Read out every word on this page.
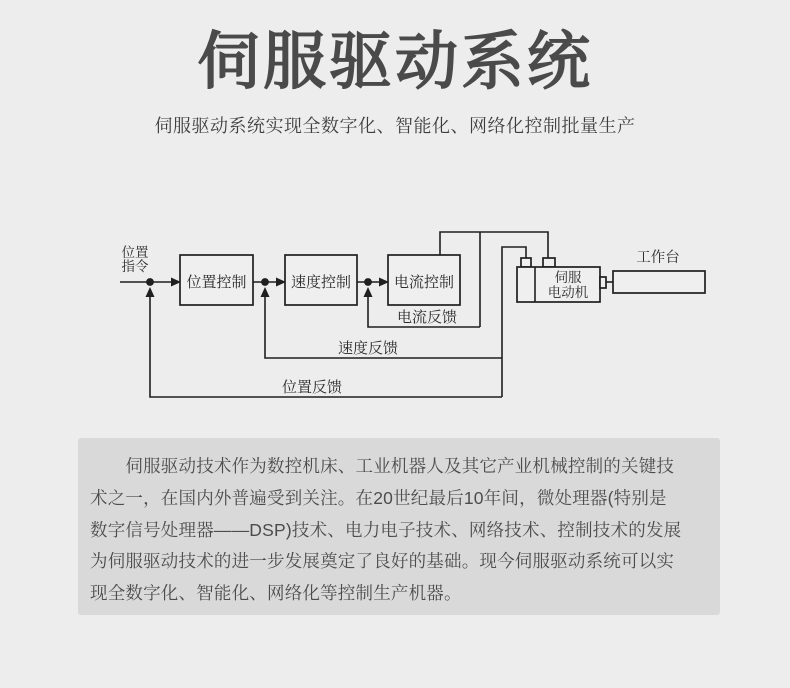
伺服驱动系统
伺服驱动系统实现全数字化、智能化、网络化控制批量生产
位置
指令
位置控制	速度控制	电流控制	伺服
电动机
工作台
电流反馈
速度反馈
位置反馈
　　伺服驱动技术作为数控机床、工业机器人及其它产业机械控制的关键技
术之一，在国内外普遍受到关注。在20世纪最后10年间，微处理器(特别是
数字信号处理器——DSP)技术、电力电子技术、网络技术、控制技术的发展
为伺服驱动技术的进一步发展奠定了良好的基础。现今伺服驱动系统可以实
现全数字化、智能化、网络化等控制生产机器。
